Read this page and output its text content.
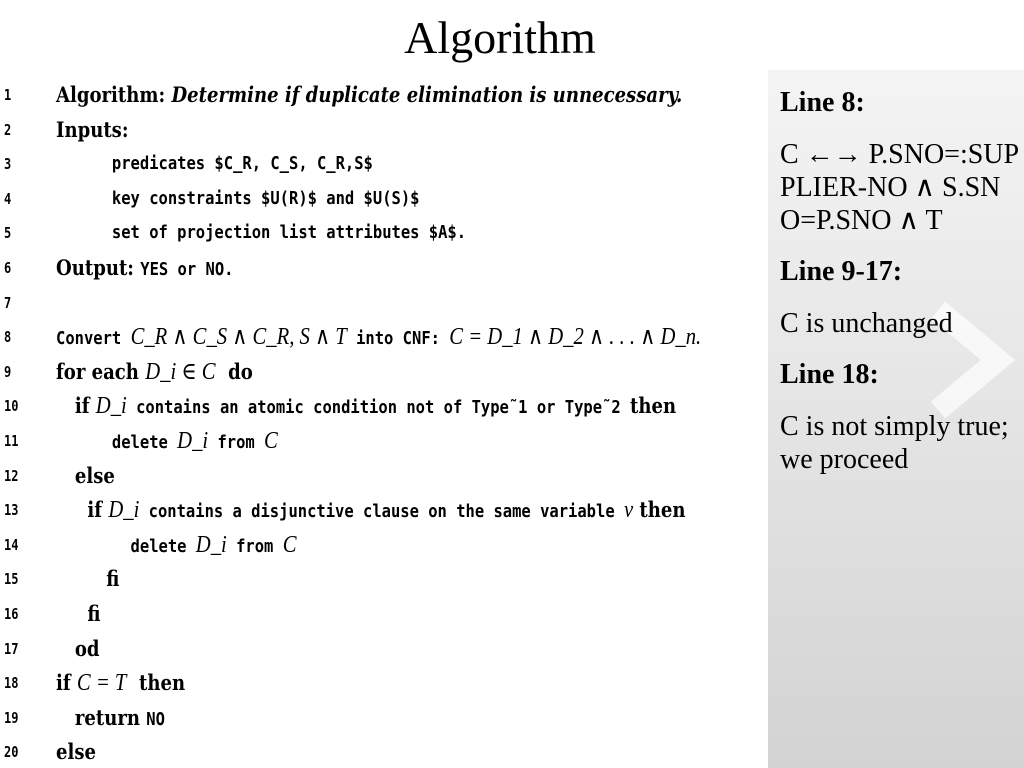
Algorithm
1	Algorithm: Determine if duplicate elimination is unnecessary.
2	Inputs:
3	predicates $C_R, C_S, C_R,S$
4	key constraints $U(R)$ and $U(S)$
5	set of projection list attributes $A$.
6	Output: YES or NO.
7
8	Convert C_R ∧ C_S ∧ C_R, S ∧ T into CNF: C = D_1 ∧ D_2 ∧ . . . ∧ D_n.
9	for each D_i ∈ C  do
10	if D_i contains an atomic condition not of Type˜1 or Type˜2 then
11	delete D_i from C
12	else
13	if D_i contains a disjunctive clause on the same variable v then
14	delete D_i from C
15	fi
16	fi
17	od
18	if C = T  then
19	return NO
20	else
Line 8:
C ←→ P.SNO=:SUPPLIER-NO ∧ S.SNO=P.SNO ∧ T
Line 9-17:
C is unchanged
Line 18:
C is not simply true; we proceed
